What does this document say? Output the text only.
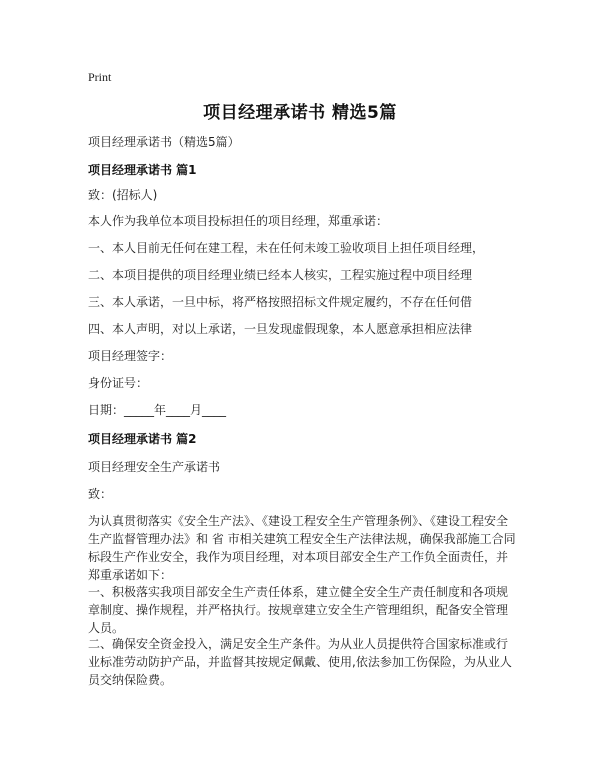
Print
项目经理承诺书 精选5篇
项目经理承诺书（精选5篇）
项目经理承诺书 篇1
致：(招标人)
本人作为我单位本项目投标担任的项目经理，郑重承诺：
一、本人目前无任何在建工程，未在任何未竣工验收项目上担任项目经理，
二、本项目提供的项目经理业绩已经本人核实，工程实施过程中项目经理
三、本人承诺，一旦中标，将严格按照招标文件规定履约，不存在任何借
四、本人声明，对以上承诺，一旦发现虚假现象，本人愿意承担相应法律
项目经理签字：
身份证号：
日期：_____年____月____
项目经理承诺书 篇2
项目经理安全生产承诺书
致：
为认真贯彻落实《安全生产法》、《建设工程安全生产管理条例》、《建设工程安全生产监督管理办法》和 省 市相关建筑工程安全生产法律法规，确保我部施工合同标段生产作业安全，我作为项目经理，对本项目部安全生产工作负全面责任，并郑重承诺如下：
一、积极落实我项目部安全生产责任体系，建立健全安全生产责任制度和各项规章制度、操作规程，并严格执行。按规章建立安全生产管理组织，配备安全管理人员。
二、确保安全资金投入，满足安全生产条件。为从业人员提供符合国家标准或行业标准劳动防护产品，并监督其按规定佩戴、使用,依法参加工伤保险，为从业人员交纳保险费。
